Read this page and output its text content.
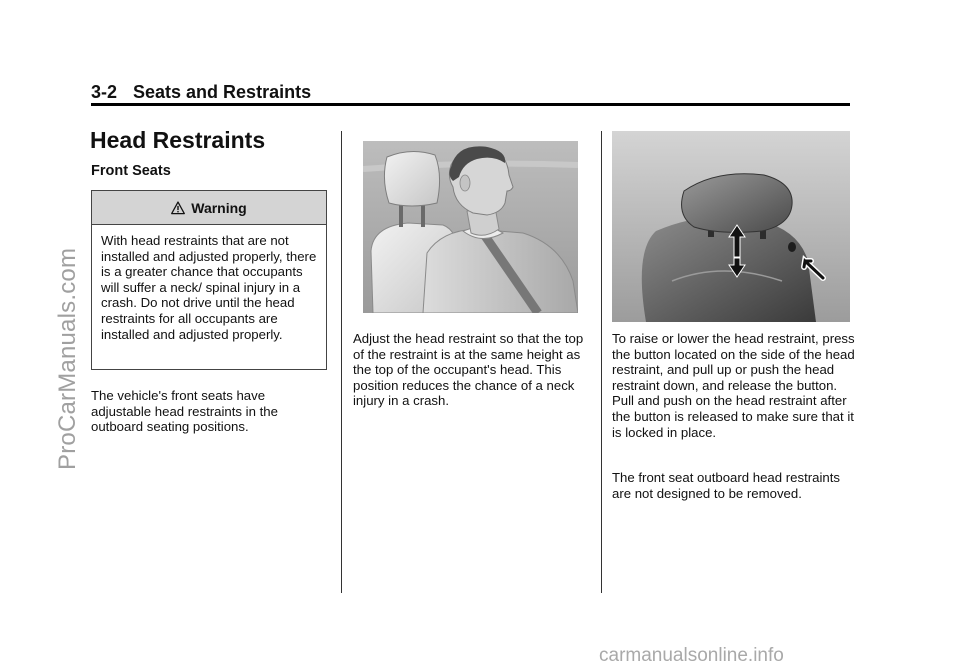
3-2 Seats and Restraints
Head Restraints
Front Seats
Warning
With head restraints that are not installed and adjusted properly, there is a greater chance that occupants will suffer a neck/ spinal injury in a crash. Do not drive until the head restraints for all occupants are installed and adjusted properly.
The vehicle's front seats have adjustable head restraints in the outboard seating positions.
Adjust the head restraint so that the top of the restraint is at the same height as the top of the occupant's head. This position reduces the chance of a neck injury in a crash.
To raise or lower the head restraint, press the button located on the side of the head restraint, and pull up or push the head restraint down, and release the button. Pull and push on the head restraint after the button is released to make sure that it is locked in place.
The front seat outboard head restraints are not designed to be removed.
ProCarManuals.com
carmanualsonline.info
